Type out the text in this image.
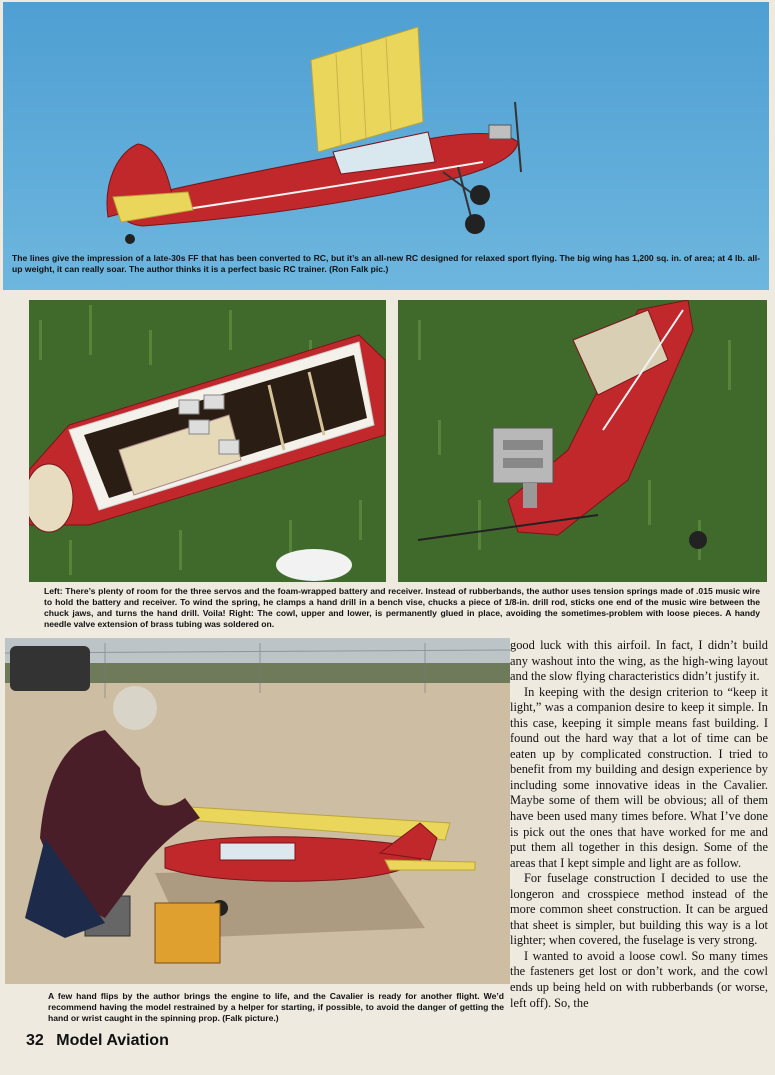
The lines give the impression of a late-30s FF that has been converted to RC, but it’s an all-new RC designed for relaxed sport flying. The big wing has 1,200 sq. in. of area; at 4 lb. all-up weight, it can really soar. The author thinks it is a perfect basic RC trainer. (Ron Falk pic.)
Left: There’s plenty of room for the three servos and the foam-wrapped battery and receiver. Instead of rubberbands, the author uses tension springs made of .015 music wire to hold the battery and receiver. To wind the spring, he clamps a hand drill in a bench vise, chucks a piece of 1/8-in. drill rod, sticks one end of the music wire between the chuck jaws, and turns the hand drill. Voila! Right: The cowl, upper and lower, is permanently glued in place, avoiding the sometimes-problem with loose pieces. A handy needle valve extension of brass tubing was soldered on.
A few hand flips by the author brings the engine to life, and the Cavalier is ready for another flight. We’d recommend having the model restrained by a helper for starting, if possible, to avoid the danger of getting the hand or wrist caught in the spinning prop. (Falk picture.)

good luck with this airfoil. In fact, I didn’t build any washout into the wing, as the high-wing layout and the slow flying characteristics didn’t justify it.

In keeping with the design criterion to “keep it light,” was a companion desire to keep it simple. In this case, keeping it simple means fast building. I found out the hard way that a lot of time can be eaten up by complicated construction. I tried to benefit from my building and design experience by including some innovative ideas in the Cavalier. Maybe some of them will be obvious; all of them have been used many times before. What I’ve done is pick out the ones that have worked for me and put them all together in this design. Some of the areas that I kept simple and light are as follow.

For fuselage construction I decided to use the longeron and crosspiece method instead of the more common sheet construction. It can be argued that sheet is simpler, but building this way is a lot lighter; when covered, the fuselage is very strong.

I wanted to avoid a loose cowl. So many times the fasteners get lost or don’t work, and the cowl ends up being held on with rubberbands (or worse, left off). So, the

32 Model Aviation
